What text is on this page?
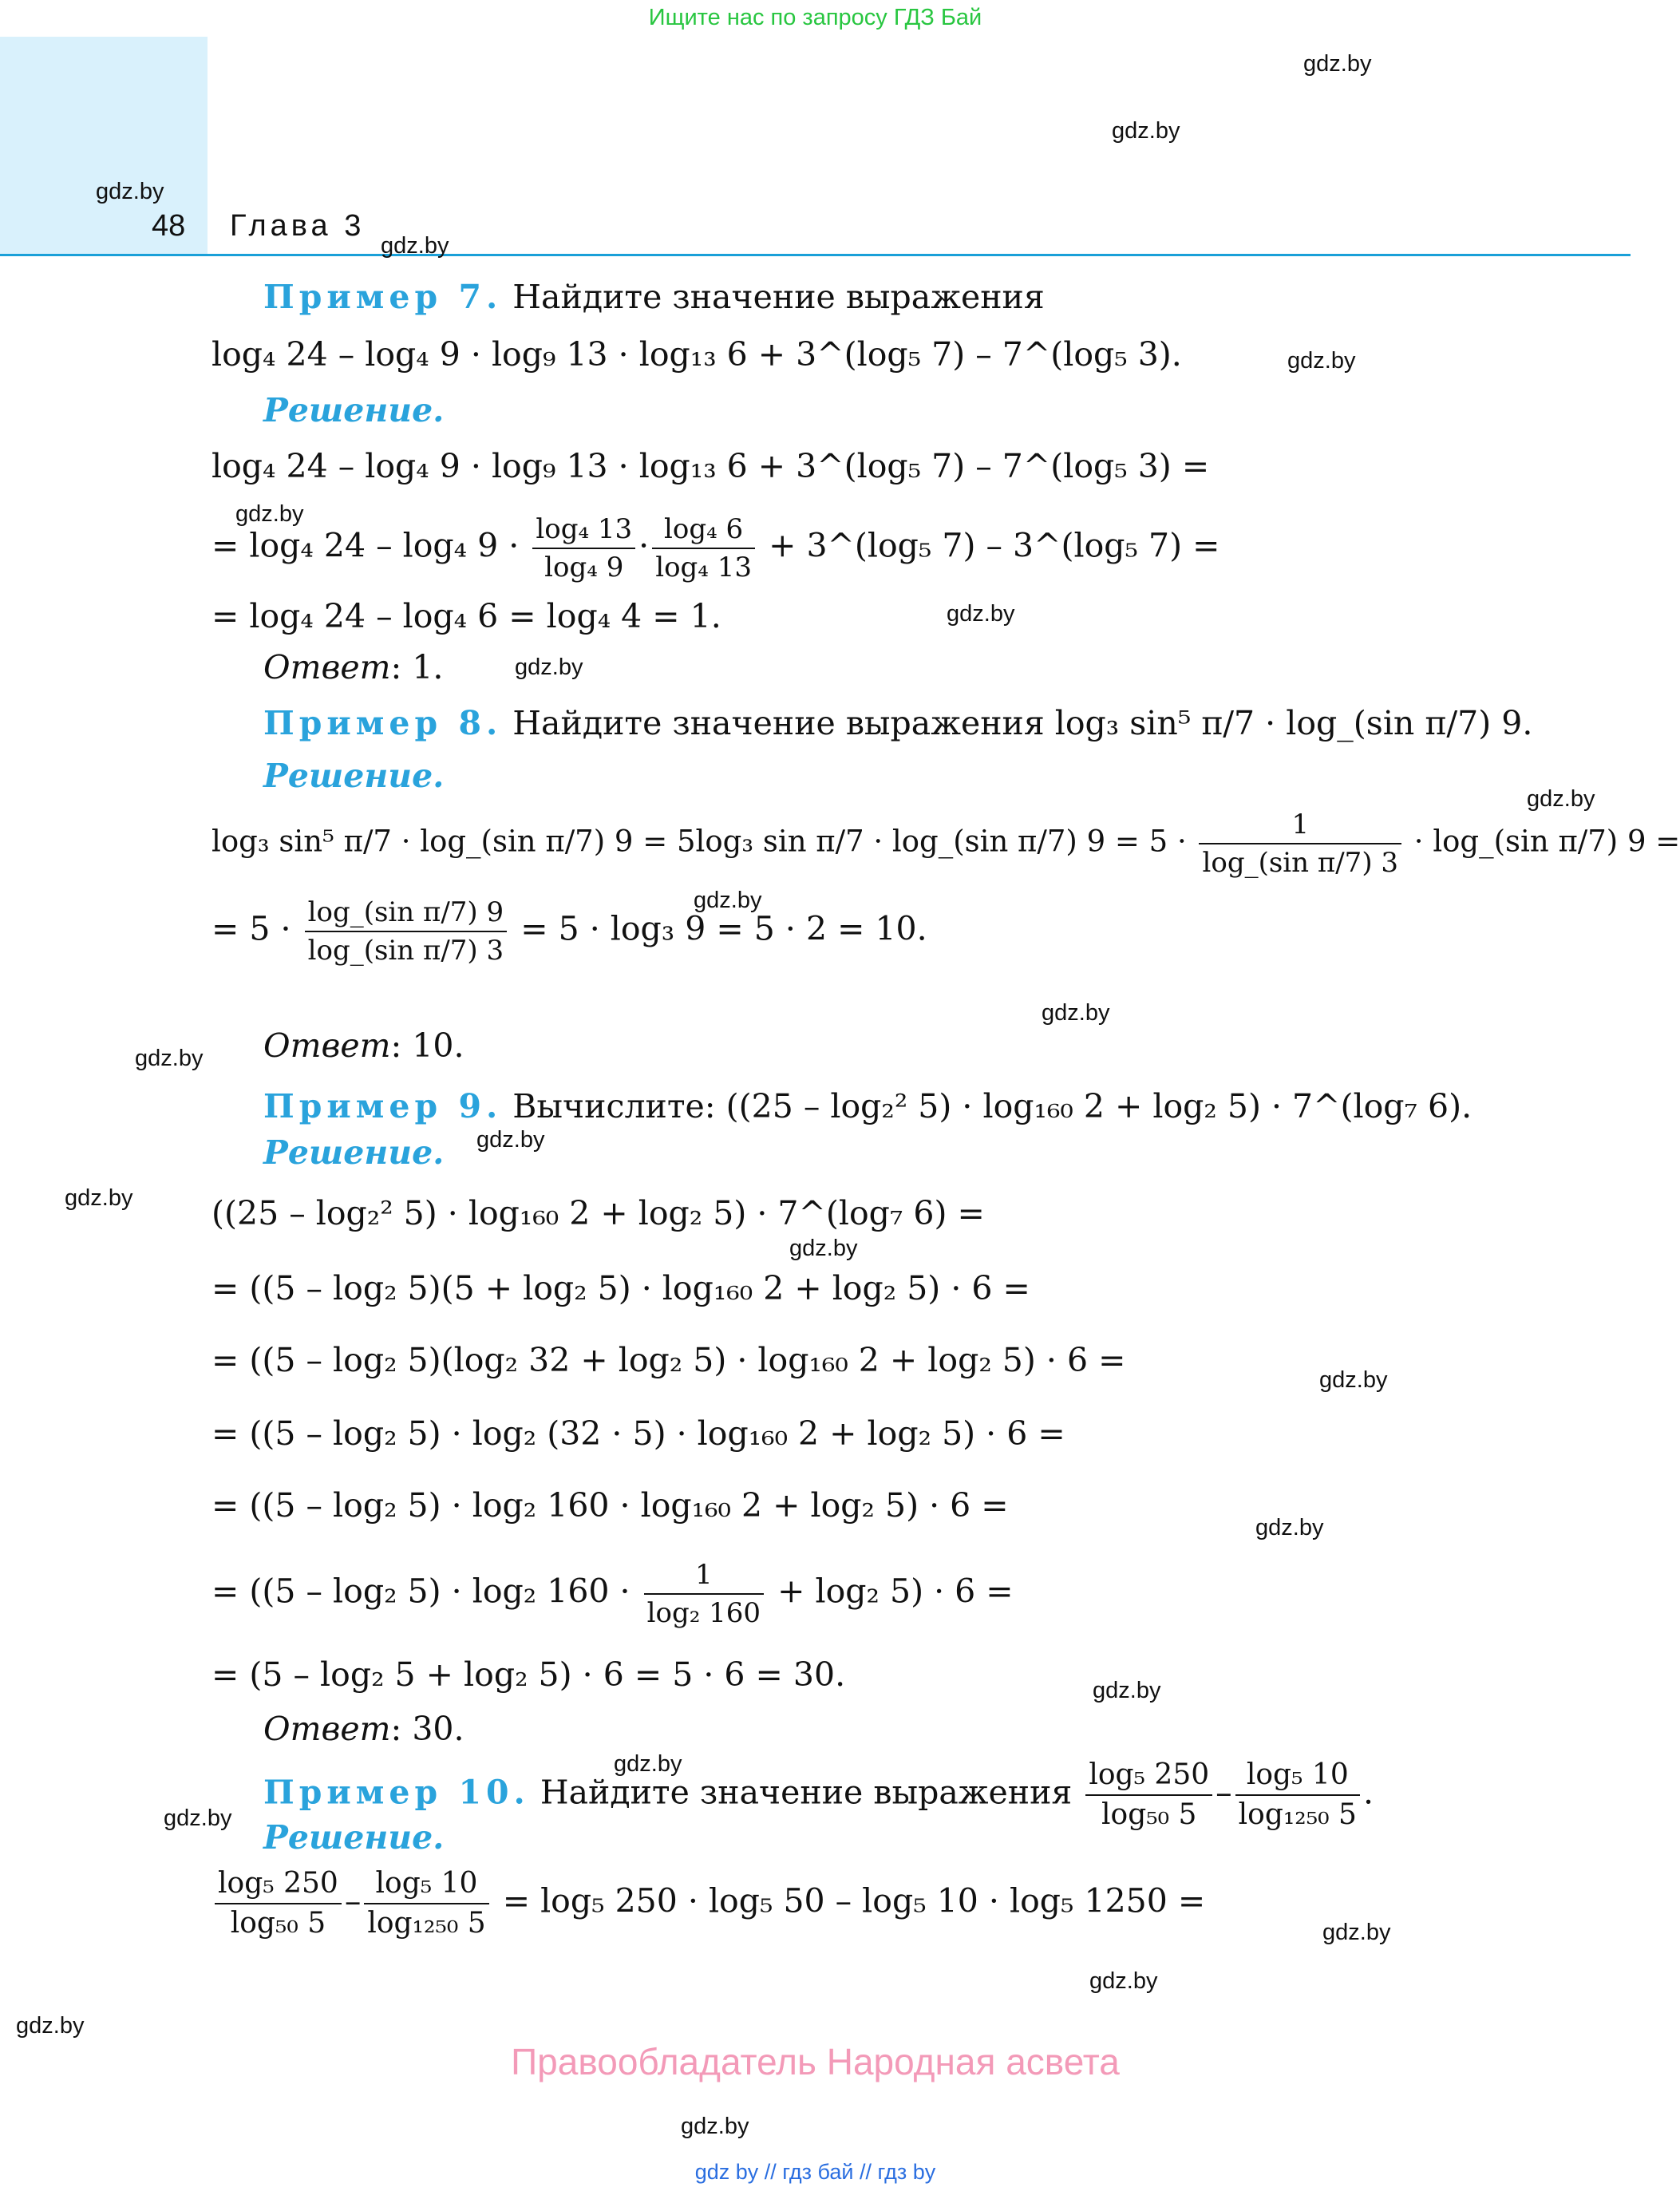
Ищите нас по запросу ГДЗ Бай
48 Глава 3
gdz.by
gdz.by
gdz.by
gdz.by
gdz.by
gdz.by
gdz.by
gdz.by
gdz.by
gdz.by
gdz.by
gdz.by
gdz.by
gdz.by
gdz.by
gdz.by
gdz.by
gdz.by
gdz.by
gdz.by
gdz.by
gdz.by
gdz.by
gdz.by
Пример 7. Найдите значение выражения
log₄ 24 – log₄ 9 · log₉ 13 · log₁₃ 6 + 3^(log₅ 7) – 7^(log₅ 3).
Решение.
log₄ 24 – log₄ 9 · log₉ 13 · log₁₃ 6 + 3^(log₅ 7) – 7^(log₅ 3) =
= log₄ 24 – log₄ $9 \cdot \frac{\text{log₄ 13}}{\text{log₄ 9}} \cdot \frac{\text{log₄ 6}}{\text{log₄ 13}}$ + 3^(log₅ 7) – 3^(log₅ 7) =
= log₄ 24 – log₄ 6 = log₄ 4 = 1.
Ответ: 1.
Пример 8. Найдите значение выражения log₃ sin⁵ π/7 · log_(sin π/7) 9.
Решение.
log₃ sin⁵ π/7 · log_(sin π/7) 9 = 5log₃ sin π/7 · log_(sin π/7) $9 = 5 \cdot \frac{1}{\text{log\_(sin π/7) 3}}$ · log_(sin π/7) 9 =
= $5 \cdot \frac{\text{log\_(sin π/7) 9}}{\text{log\_(sin π/7) 3}} = 5 \cdot \log_3$ 9 = 5 · 2 = 10.
Ответ: 10.
Пример 9. Вычислите: ((25 – log₂² 5) · log₁₆₀ 2 + log₂ 5) · 7^(log₇ 6).
Решение.
((25 – log₂² 5) · log₁₆₀ 2 + log₂ 5) · 7^(log₇ 6) =
= ((5 – log₂ 5)(5 + log₂ 5) · log₁₆₀ 2 + log₂ 5) · 6 =
= ((5 – log₂ 5)(log₂ 32 + log₂ 5) · log₁₆₀ 2 + log₂ 5) · 6 =
= ((5 – log₂ 5) · log₂ (32 · 5) · log₁₆₀ 2 + log₂ 5) · 6 =
= ((5 – log₂ 5) · log₂ 160 · log₁₆₀ 2 + log₂ 5) · 6 =
= ((5 – log₂ 5) · log₂ $160 \cdot \frac{1}{\text{log₂ 160}} + \log_2$ 5) · 6 =
= (5 – log₂ 5 + log₂ 5) · 6 = 5 · 6 = 30.
Ответ: 30.
Пример 10. Найдите значение выражения $\frac{\text{log₅ 250}}{\text{log₅₀ 5}} - \frac{\text{log₅ 10}}{\text{log₁₂₅₀ 5}}$ .
Решение.
$\frac{\text{log₅ 250}}{\text{log₅₀ 5}} - \frac{\text{log₅ 10}}{\text{log₁₂₅₀ 5}} = \log_5$ 250 · log₅ 50 – log₅ 10 · log₅ 1250 =
Правообладатель Народная асвета
gdz by // гдз бай // гдз by
